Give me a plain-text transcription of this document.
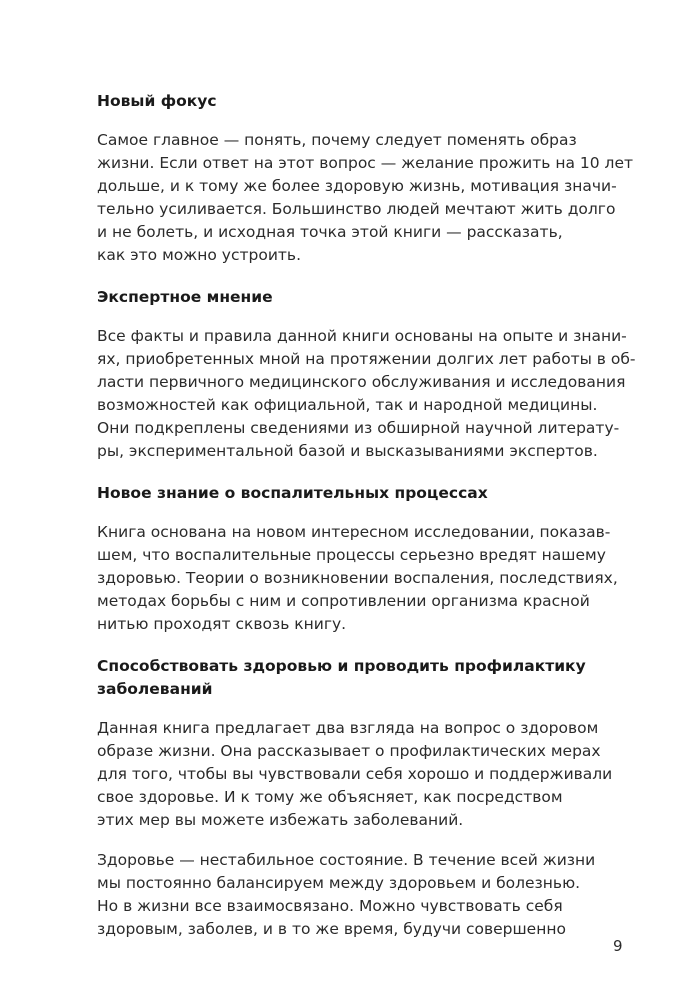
Новый фокус

Самое главное — понять, почему следует поменять образ
жизни. Если ответ на этот вопрос — желание прожить на 10 лет
дольше, и к тому же более здоровую жизнь, мотивация значи-
тельно усиливается. Большинство людей мечтают жить долго
и не болеть, и исходная точка этой книги — рассказать,
как это можно устроить.

Экспертное мнение

Все факты и правила данной книги основаны на опыте и знани-
ях, приобретенных мной на протяжении долгих лет работы в об-
ласти первичного медицинского обслуживания и исследования
возможностей как официальной, так и народной медицины.
Они подкреплены сведениями из обширной научной литерату-
ры, экспериментальной базой и высказываниями экспертов.

Новое знание о воспалительных процессах

Книга основана на новом интересном исследовании, показав-
шем, что воспалительные процессы серьезно вредят нашему
здоровью. Теории о возникновении воспаления, последствиях,
методах борьбы с ним и сопротивлении организма красной
нитью проходят сквозь книгу.

Способствовать здоровью и проводить профилактику
заболеваний

Данная книга предлагает два взгляда на вопрос о здоровом
образе жизни. Она рассказывает о профилактических мерах
для того, чтобы вы чувствовали себя хорошо и поддерживали
свое здоровье. И к тому же объясняет, как посредством
этих мер вы можете избежать заболеваний.

Здоровье — нестабильное состояние. В течение всей жизни
мы постоянно балансируем между здоровьем и болезнью.
Но в жизни все взаимосвязано. Можно чувствовать себя
здоровым, заболев, и в то же время, будучи совершенно

9
